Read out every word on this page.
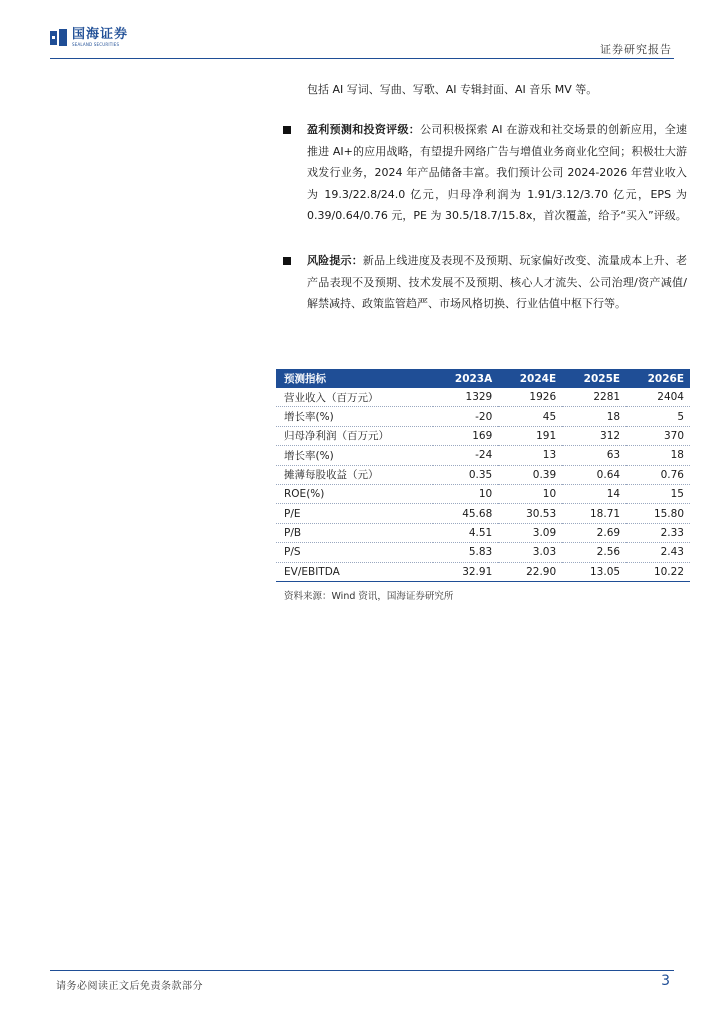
国海证券
SEALAND SECURITIES	证券研究报告
包括 AI 写词、写曲、写歌、AI 专辑封面、AI 音乐 MV 等。
盈利预测和投资评级：公司积极探索 AI 在游戏和社交场景的创新应用，全速推进 AI+的应用战略，有望提升网络广告与增值业务商业化空间；积极壮大游戏发行业务，2024 年产品储备丰富。我们预计公司 2024-2026 年营业收入为 19.3/22.8/24.0 亿元，归母净利润为 1.91/3.12/3.70 亿元，EPS 为 0.39/0.64/0.76 元，PE 为 30.5/18.7/15.8x，首次覆盖，给予“买入”评级。
风险提示：新品上线进度及表现不及预期、玩家偏好改变、流量成本上升、老产品表现不及预期、技术发展不及预期、核心人才流失、公司治理/资产减值/解禁减持、政策监管趋严、市场风格切换、行业估值中枢下行等。
预测指标	2023A	2024E	2025E	2026E
营业收入（百万元）	1329	1926	2281	2404
增长率(%)	-20	45	18	5
归母净利润（百万元）	169	191	312	370
增长率(%)	-24	13	63	18
摊薄每股收益（元）	0.35	0.39	0.64	0.76
ROE(%)	10	10	14	15
P/E	45.68	30.53	18.71	15.80
P/B	4.51	3.09	2.69	2.33
P/S	5.83	3.03	2.56	2.43
EV/EBITDA	32.91	22.90	13.05	10.22
资料来源：Wind 资讯，国海证券研究所
请务必阅读正文后免责条款部分	3
